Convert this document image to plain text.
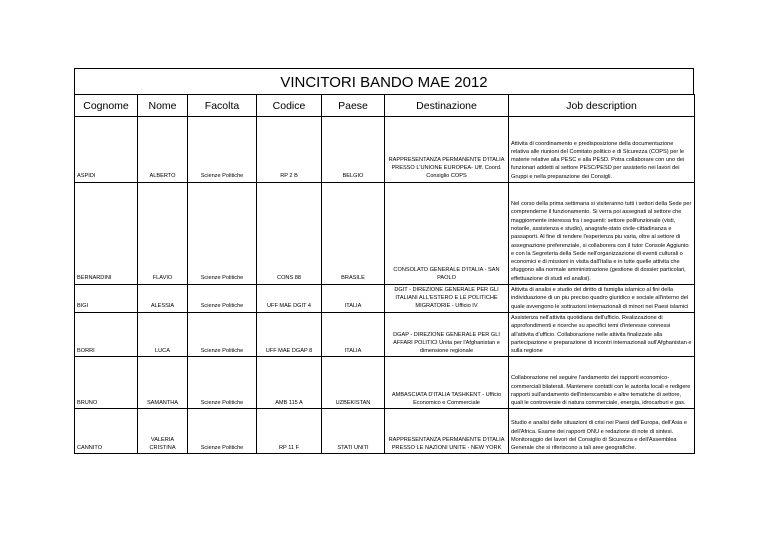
VINCITORI BANDO MAE 2012
Cognome	Nome	Facolta	Codice	Paese	Destinazione	Job description
ASPIDI	ALBERTO	Scienze Politiche	RP 2 B	BELGIO	RAPPRESENTANZA PERMANENTE D'ITALIA PRESSO L'UNIONE EUROPEA- Uff. Coord. Consiglio COPS	Attivita di coordinamento e predisposizione della documentazione relativa alle riunioni del Comitato politico e di Sicurezza (COPS) per le materie relative alla PESC e alla PESD. Potra collaborare con uno dei funzionari addetti al settore PESC/PESD per assisterlo nei lavori dei Gruppi e nella preparazione dei Consigli.
BERNARDINI	FLAVIO	Scienze Politiche	CONS 88	BRASILE	CONSOLATO GENERALE D'ITALIA - SAN PAOLO	Nel corso della prima settimana si visiteranno tutti i settori della Sede per comprenderne il funzionamento. Si verra poi assegnati al settore che maggiormente interessa fra i seguenti: settore polifunzionale (visti, notarile, assistenza e studio), anagrafe-stato civile-cittadinanza e passaporti. Al fine di rendere l'esperienza piu varia, oltre al settore di assegnazione preferenziale, si collaborera con il tutor Console Aggiunto e con la Segreteria della Sede nell'organizzazione di eventi culturali o economici e di missioni in visita dall'Italia e in tutte quelle attivita che sfuggono alla normale amministrazione (gestione di dossier particolari, effettuazione di studi ed analisi).
BIGI	ALESSIA	Scienze Politiche	UFF MAE DGIT 4	ITALIA	DGIT - DIREZIONE GENERALE PER GLI ITALIANI ALL'ESTERO E LE POLITICHE MIGRATORIE - Ufficio IV	Attivita di analisi e studio del diritto di famiglia islamico al fini della individuazione di un piu preciso quadro giuridico e sociale all'interno del quale avvengono le sottrazioni internazionali di minori nei Paesi islamici
BORRI	LUCA	Scienze Politiche	UFF MAE DGAP 8	ITALIA	DGAP - DIREZIONE GENERALE PER GLI AFFARI POLITICI Unita per l'Afghanistan e dimensione regionale	Assistenza nell'attivita quotidiana dell'ufficio. Realizzazione di approfondimenti e ricerche su specifici temi d'interesse connessi all'attivita d'ufficio. Collaborazione nelle attivita finalizzate alla partecipazione e preparazione di incontri internazionali sull'Afghanistan e sulla regione
BRUNO	SAMANTHA	Scienze Politiche	AMB 115 A	UZBEKISTAN	AMBASCIATA D'ITALIA TASHKENT - Ufficio Economico e Commerciale	Collaborazione nel seguire l'andamento dei rapporti economico-commerciali bilaterali. Mantenere contatti con le autorita locali e redigere rapporti sull'andamento dell'interscambio e altre tematiche di settore, quali le controversie di natura commerciale, energia, idrocarburi e gas.
CANNITO	VALERIA CRISTINA	Scienze Politiche	RP 11 F	STATI UNITI	RAPPRESENTANZA PERMANENTE D'ITALIA PRESSO LE NAZIONI UNITE - NEW YORK	Studio e analisi delle situazioni di crisi nei Paesi dell'Europa, dell'Asia e dell'Africa. Esame dei rapporti ONU e redazione di note di sintesi. Monitoraggio dei lavori del Consiglio di Sicurezza e dell'Assemblea Generale che si riferiscono a tali aree geografiche.
